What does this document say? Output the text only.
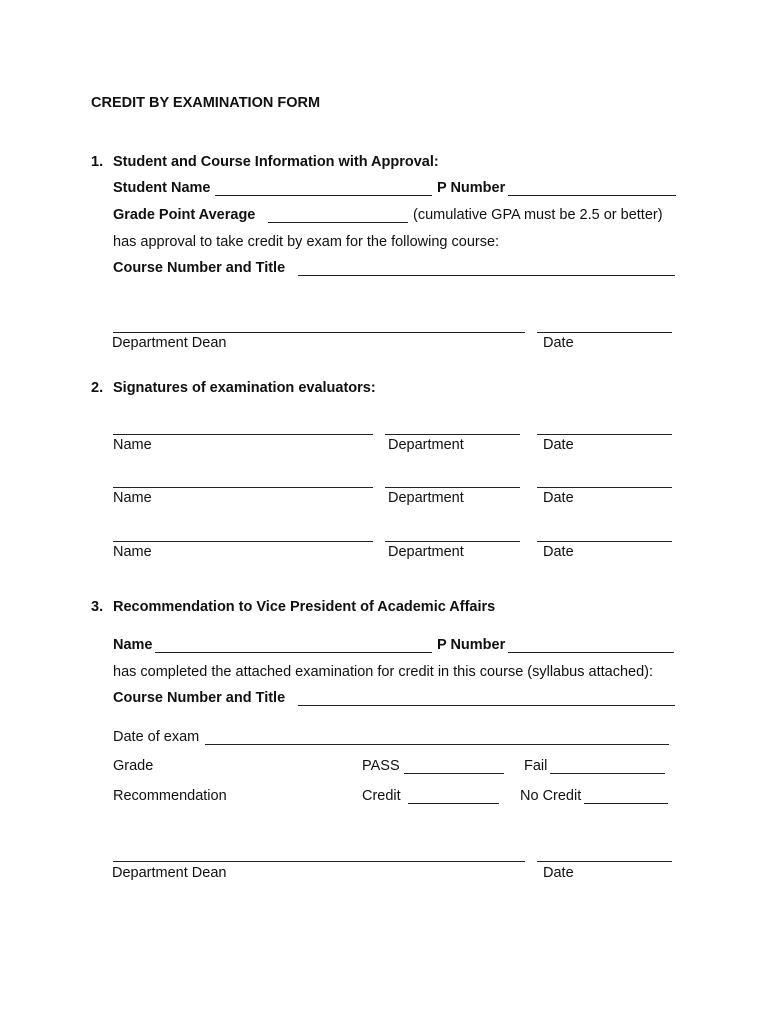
CREDIT BY EXAMINATION FORM
1. Student and Course Information with Approval:
Student Name	P Number
Grade Point Average	(cumulative GPA must be 2.5 or better)
has approval to take credit by exam for the following course:
Course Number and Title
Department Dean	Date
2. Signatures of examination evaluators:
Name	Department	Date
Name	Department	Date
Name	Department	Date
3. Recommendation to Vice President of Academic Affairs
Name	P Number
has completed the attached examination for credit in this course (syllabus attached):
Course Number and Title
Date of exam
Grade	PASS	Fail
Recommendation	Credit	No Credit
Department Dean	Date
